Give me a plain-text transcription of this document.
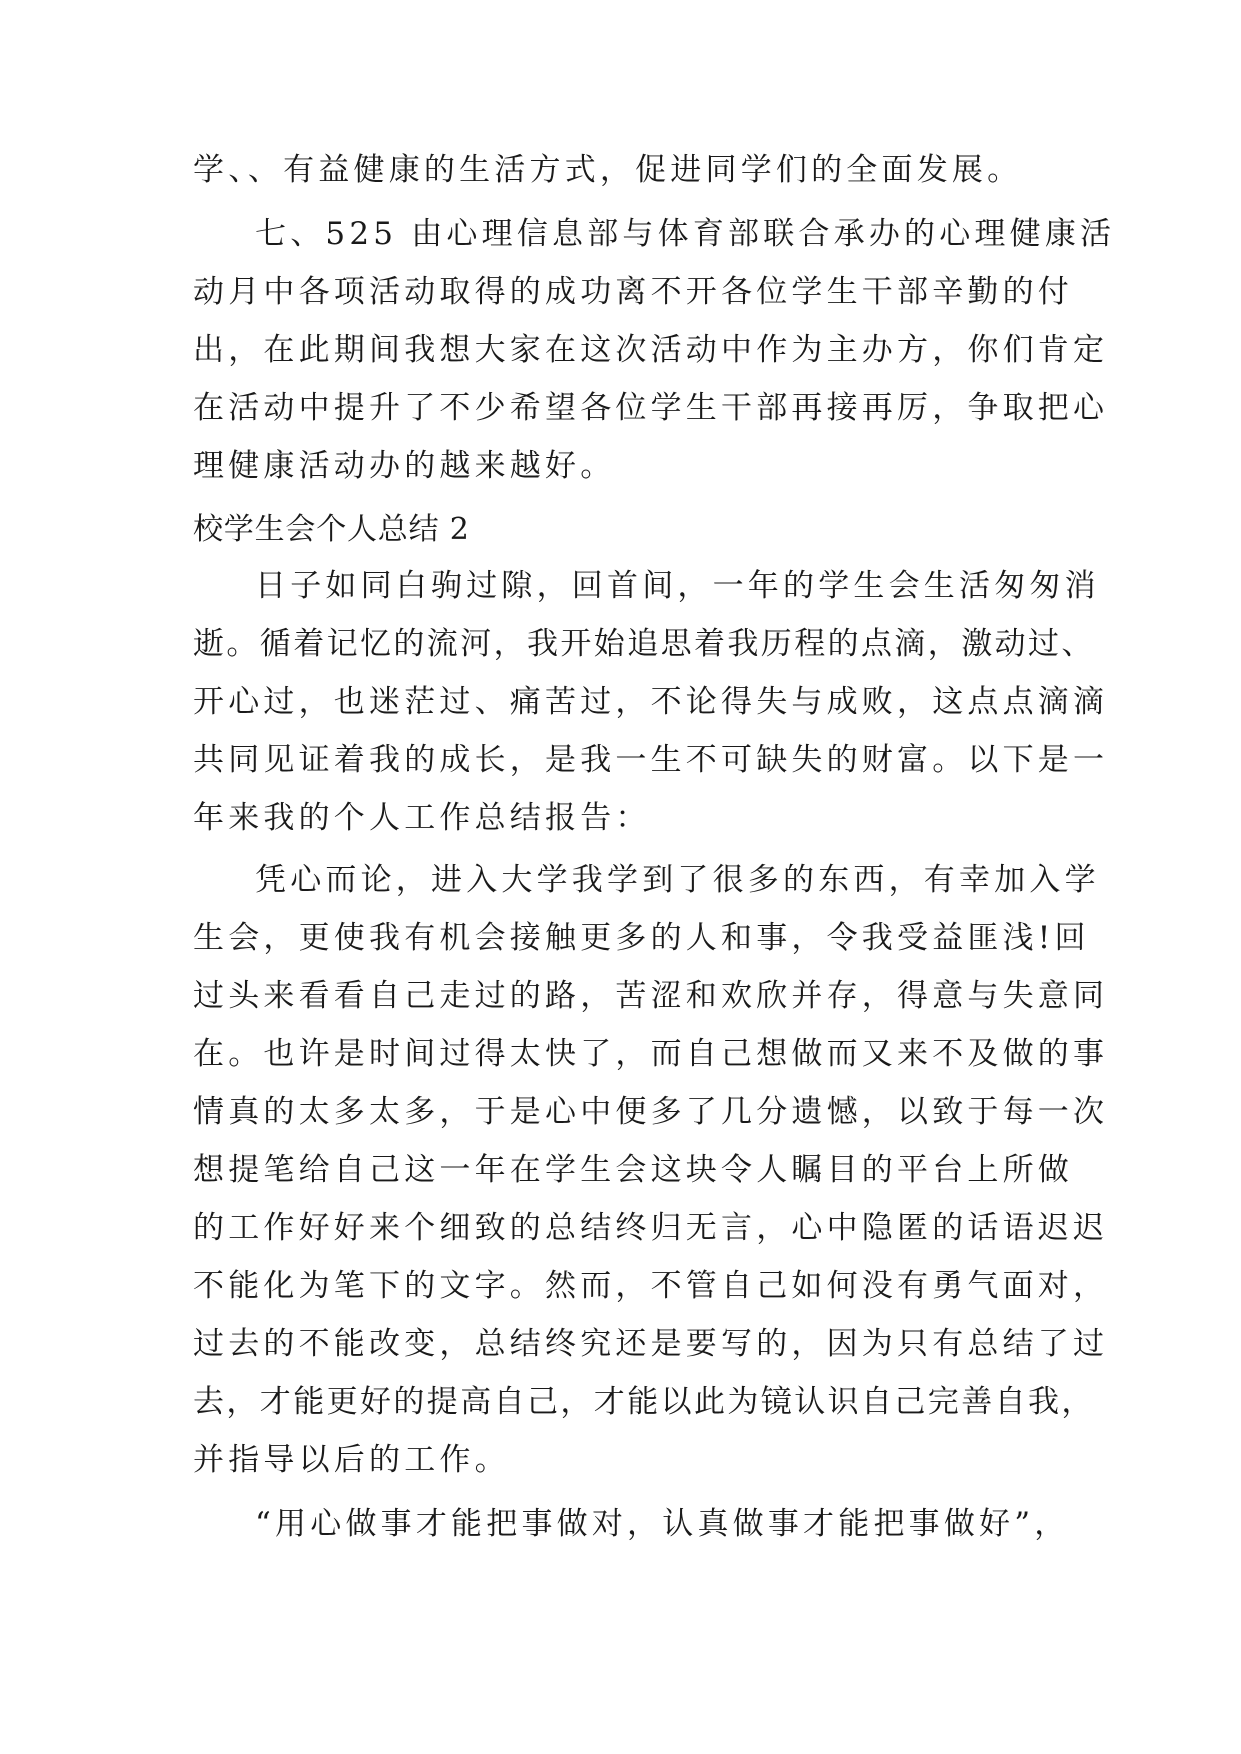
学、、有益健康的生活方式，促进同学们的全面发展。
七、525 由心理信息部与体育部联合承办的心理健康活
动月中各项活动取得的成功离不开各位学生干部辛勤的付
出，在此期间我想大家在这次活动中作为主办方，你们肯定
在活动中提升了不少希望各位学生干部再接再厉，争取把心
理健康活动办的越来越好。
校学生会个人总结 2
日子如同白驹过隙，回首间，一年的学生会生活匆匆消
逝。循着记忆的流河，我开始追思着我历程的点滴，激动过、
开心过，也迷茫过、痛苦过，不论得失与成败，这点点滴滴
共同见证着我的成长，是我一生不可缺失的财富。以下是一
年来我的个人工作总结报告：
凭心而论，进入大学我学到了很多的东西，有幸加入学
生会，更使我有机会接触更多的人和事，令我受益匪浅!回
过头来看看自己走过的路，苦涩和欢欣并存，得意与失意同
在。也许是时间过得太快了，而自己想做而又来不及做的事
情真的太多太多，于是心中便多了几分遗憾，以致于每一次
想提笔给自己这一年在学生会这块令人瞩目的平台上所做
的工作好好来个细致的总结终归无言，心中隐匿的话语迟迟
不能化为笔下的文字。然而，不管自己如何没有勇气面对，
过去的不能改变，总结终究还是要写的，因为只有总结了过
去，才能更好的提高自己，才能以此为镜认识自己完善自我，
并指导以后的工作。
“用心做事才能把事做对，认真做事才能把事做好”，
